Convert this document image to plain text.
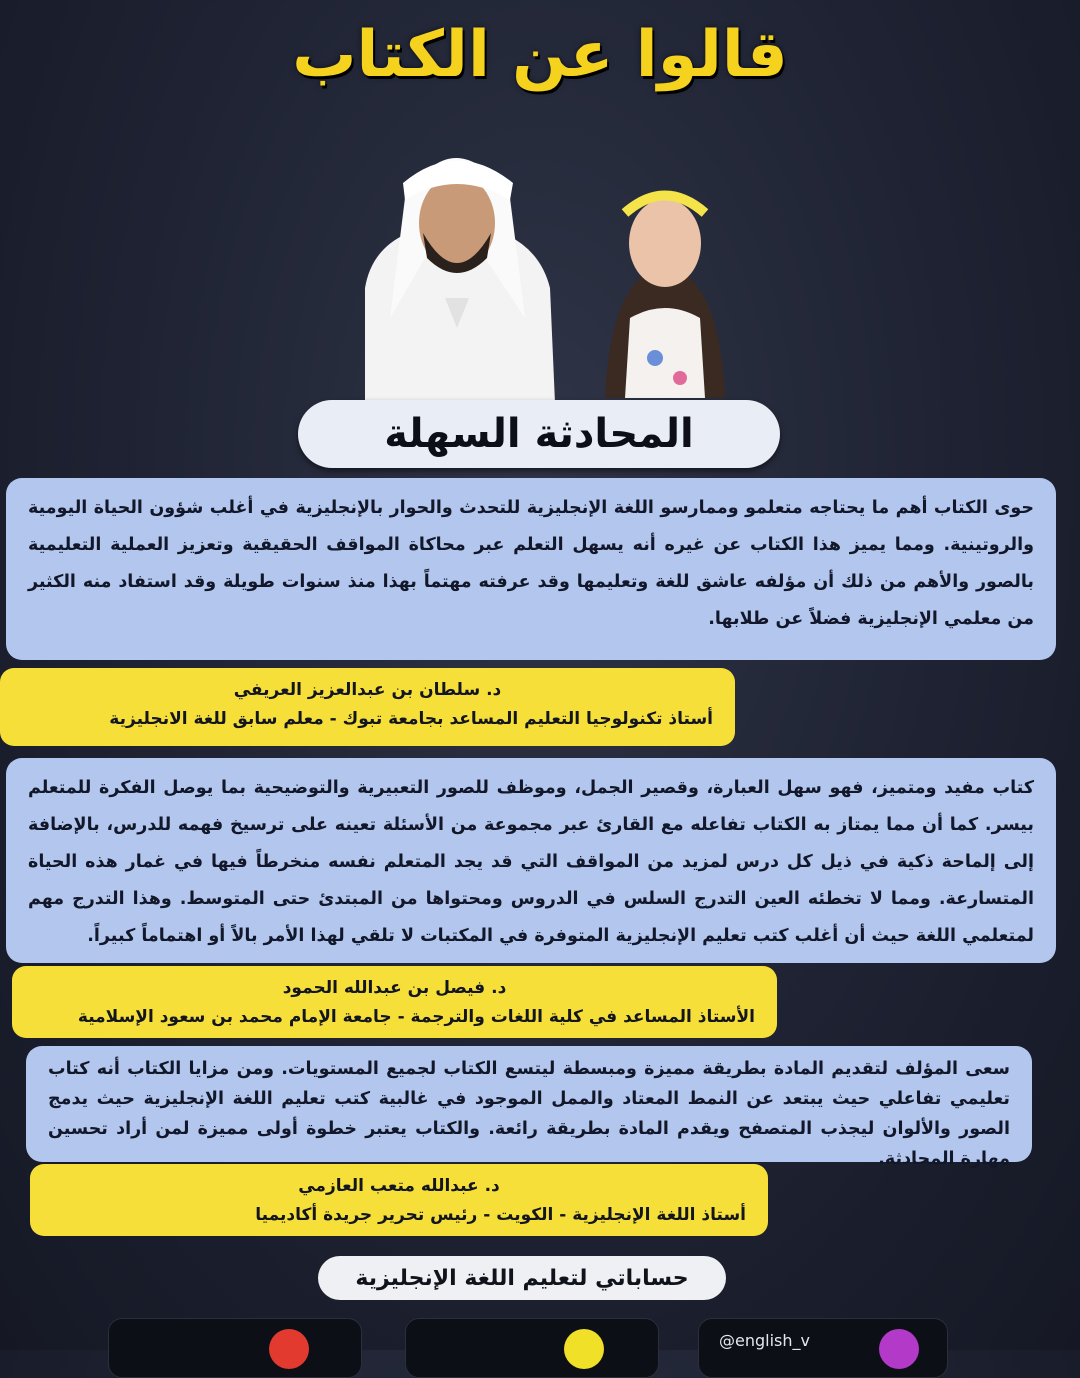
قالوا عن الكتاب
المحادثة السهلة
حوى الكتاب أهم ما يحتاجه متعلمو وممارسو اللغة الإنجليزية للتحدث والحوار بالإنجليزية في أغلب شؤون الحياة اليومية والروتينية. ومما يميز هذا الكتاب عن غيره أنه يسهل التعلم عبر محاكاة المواقف الحقيقية وتعزيز العملية التعليمية بالصور والأهم من ذلك أن مؤلفه عاشق للغة وتعليمها وقد عرفته مهتماً بهذا منذ سنوات طويلة وقد استفاد منه الكثير من معلمي الإنجليزية فضلاً عن طلابها.
د. سلطان بن عبدالعزيز العريفي
أستاذ تكنولوجيا التعليم المساعد بجامعة تبوك - معلم سابق للغة الانجليزية
كتاب مفيد ومتميز، فهو سهل العبارة، وقصير الجمل، وموظف للصور التعبيرية والتوضيحية بما يوصل الفكرة للمتعلم بيسر. كما أن مما يمتاز به الكتاب تفاعله مع القارئ عبر مجموعة من الأسئلة تعينه على ترسيخ فهمه للدرس، بالإضافة إلى إلماحة ذكية في ذيل كل درس لمزيد من المواقف التي قد يجد المتعلم نفسه منخرطاً فيها في غمار هذه الحياة المتسارعة. ومما لا تخطئه العين التدرج السلس في الدروس ومحتواها من المبتدئ حتى المتوسط. وهذا التدرج مهم لمتعلمي اللغة حيث أن أغلب كتب تعليم الإنجليزية المتوفرة في المكتبات لا تلقي لهذا الأمر بالاً أو اهتماماً كبيراً.
د. فيصل بن عبدالله الحمود
الأستاذ المساعد في كلية اللغات والترجمة - جامعة الإمام محمد بن سعود الإسلامية
سعى المؤلف لتقديم المادة بطريقة مميزة ومبسطة ليتسع الكتاب لجميع المستويات. ومن مزايا الكتاب أنه كتاب تعليمي تفاعلي حيث يبتعد عن النمط المعتاد والممل الموجود في غالبية كتب تعليم اللغة الإنجليزية حيث يدمج الصور والألوان ليجذب المتصفح ويقدم المادة بطريقة رائعة. والكتاب يعتبر خطوة أولى مميزة لمن أراد تحسين مهارة المحادثة.
د. عبدالله متعب العازمي
أستاذ اللغة الإنجليزية - الكويت - رئيس تحرير جريدة أكاديميا
حساباتي لتعليم اللغة الإنجليزية
@english_v
